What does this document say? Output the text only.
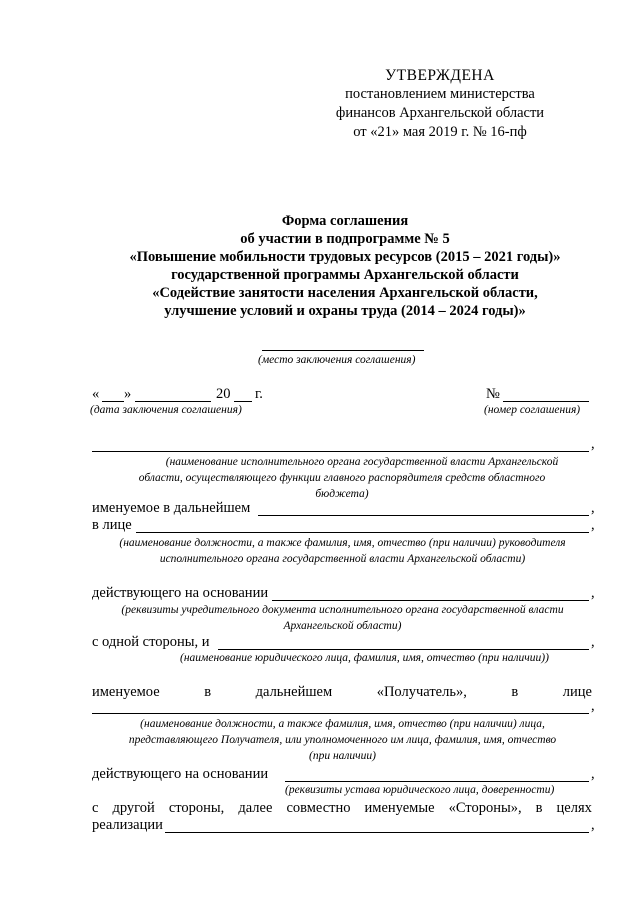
УТВЕРЖДЕНА
постановлением министерства
финансов Архангельской области
от «21» мая 2019 г. № 16-пф
Форма соглашения
об участии в подпрограмме № 5
«Повышение мобильности трудовых ресурсов (2015 – 2021 годы)»
государственной программы Архангельской области
«Содействие занятости населения Архангельской области,
улучшение условий и охраны труда (2014 – 2024 годы)»
(место заключения соглашения)
« »	20 г.	№
(дата заключения соглашения)	(номер соглашения)
,
(наименование исполнительного органа государственной власти Архангельской
области, осуществляющего функции главного распорядителя средств областного
бюджета)
именуемое в дальнейшем	,
в лице	,
(наименование должности, а также фамилия, имя, отчество (при наличии) руководителя
исполнительного органа государственной власти Архангельской области)
действующего на основании	,
(реквизиты учредительного документа исполнительного органа государственной власти
Архангельской области)
с одной стороны, и	,
(наименование юридического лица, фамилия, имя, отчество (при наличии))
именуемое	в	дальнейшем	«Получатель»,	в	лице
,
(наименование должности, а также фамилия, имя, отчество (при наличии) лица,
представляющего Получателя, или уполномоченного им лица, фамилия, имя, отчество
(при наличии)
действующего на основании	,
(реквизиты устава юридического лица, доверенности)
с другой стороны, далее совместно именуемые «Стороны», в целях
реализации	,
